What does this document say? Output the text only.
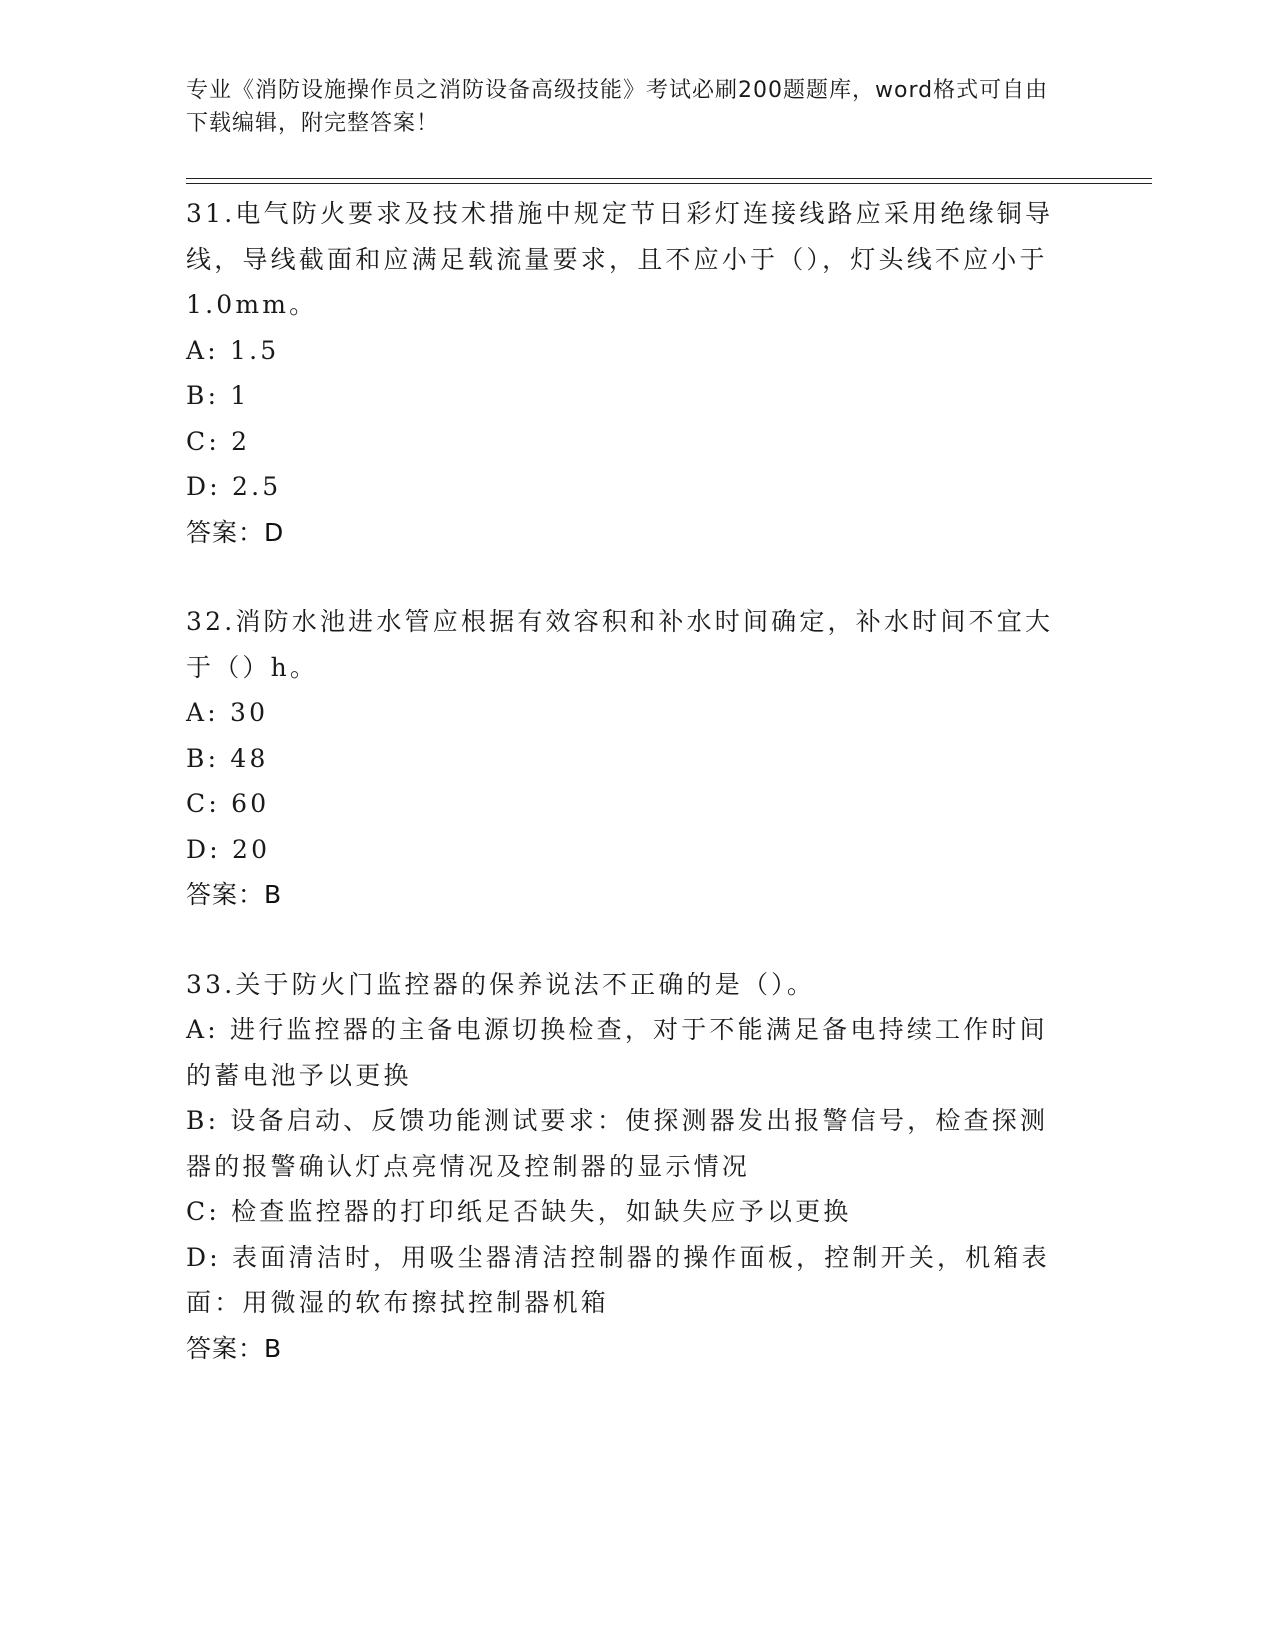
专业《消防设施操作员之消防设备高级技能》考试必刷200题题库，word格式可自由下载编辑，附完整答案！
31.电气防火要求及技术措施中规定节日彩灯连接线路应采用绝缘铜导线，导线截面和应满足载流量要求，且不应小于（），灯头线不应小于1.0mm。
A: 1.5
B: 1
C: 2
D: 2.5
答案：D
32.消防水池进水管应根据有效容积和补水时间确定，补水时间不宜大于（）h。
A: 30
B: 48
C: 60
D: 20
答案：B
33.关于防火门监控器的保养说法不正确的是（）。
A: 进行监控器的主备电源切换检查，对于不能满足备电持续工作时间的蓄电池予以更换
B: 设备启动、反馈功能测试要求：使探测器发出报警信号，检查探测器的报警确认灯点亮情况及控制器的显示情况
C: 检查监控器的打印纸足否缺失，如缺失应予以更换
D: 表面清洁时，用吸尘器清洁控制器的操作面板，控制开关，机箱表面：用微湿的软布擦拭控制器机箱
答案：B
